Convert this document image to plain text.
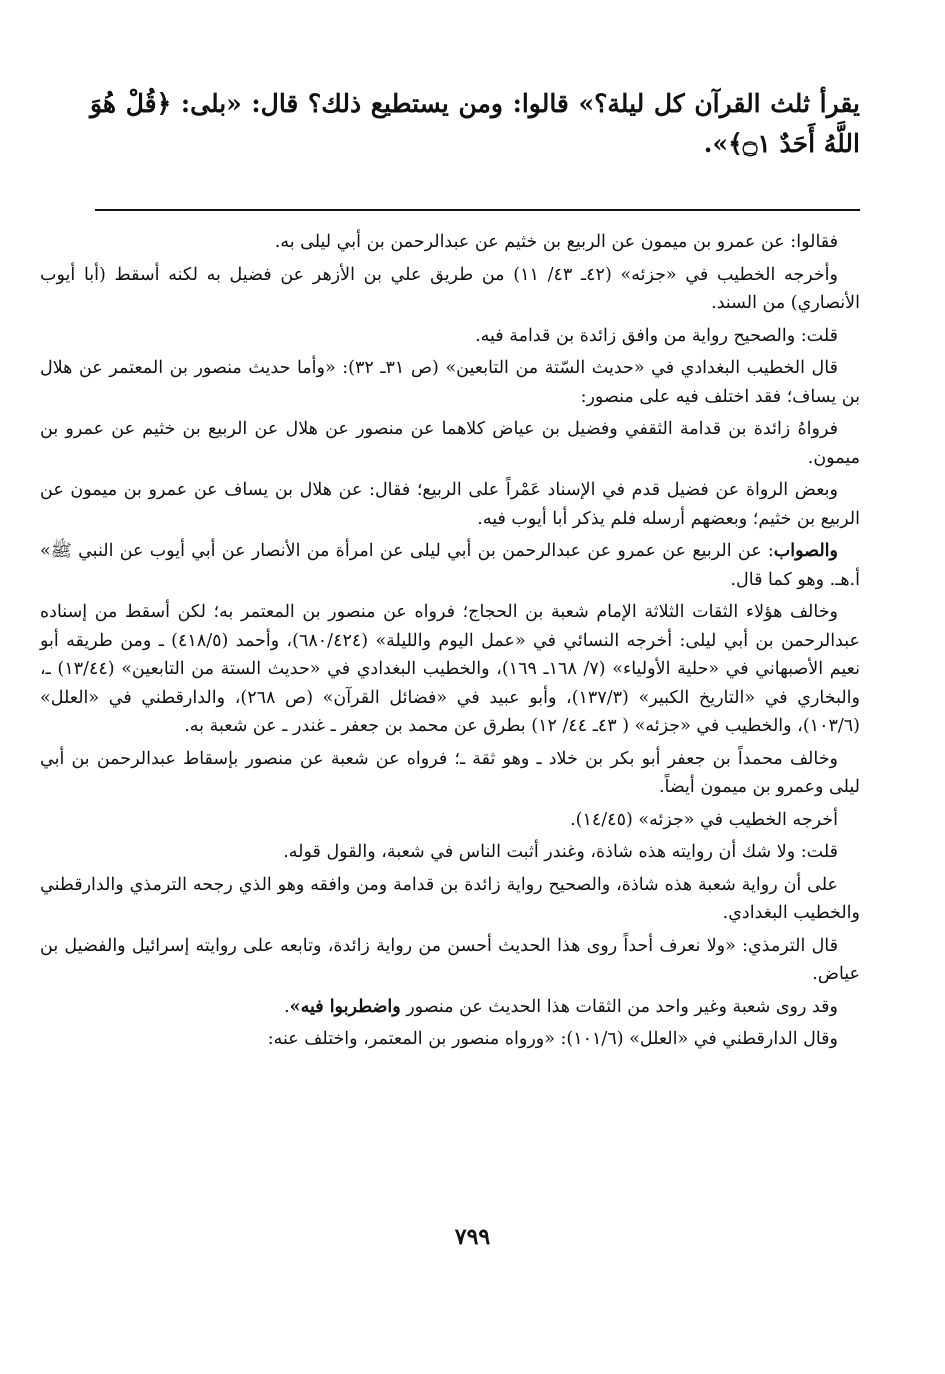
يقرأ ثلث القرآن كل ليلة؟» قالوا: ومن يستطيع ذلك؟ قال: «بلى: ﴿قُلْ هُوَ اللَّهُ أَحَدٌ ۝١﴾».

فقالوا: عن عمرو بن ميمون عن الربيع بن خثيم عن عبدالرحمن بن أبي ليلى به.

وأخرجه الخطيب في «جزئه» (٤٢ـ ٤٣/ ١١) من طريق علي بن الأزهر عن فضيل به لكنه أسقط (أبا أيوب الأنصاري) من السند.

قلت: والصحيح رواية من وافق زائدة بن قدامة فيه.

قال الخطيب البغدادي في «حديث السّتة من التابعين» (ص ٣١ـ ٣٢): «وأما حديث منصور بن المعتمر عن هلال بن يساف؛ فقد اختلف فيه على منصور:

فرواهُ زائدة بن قدامة الثقفي وفضيل بن عياض كلاهما عن منصور عن هلال عن الربيع بن خثيم عن عمرو بن ميمون.

وبعض الرواة عن فضيل قدم في الإسناد عَمْراً على الربيع؛ فقال: عن هلال بن يساف عن عمرو بن ميمون عن الربيع بن خثيم؛ وبعضهم أرسله فلم يذكر أبا أيوب فيه.

والصواب: عن الربيع عن عمرو عن عبدالرحمن بن أبي ليلى عن امرأة من الأنصار عن أبي أيوب عن النبي ﷺ» أ.هـ. وهو كما قال.

وخالف هؤلاء الثقات الثلاثة الإمام شعبة بن الحجاج؛ فرواه عن منصور بن المعتمر به؛ لكن أسقط من إسناده عبدالرحمن بن أبي ليلى: أخرجه النسائي في «عمل اليوم والليلة» (٦٨٠/٤٢٤)، وأحمد (٤١٨/٥) ـ ومن طريقه أبو نعيم الأصبهاني في «حلية الأولياء» (٧/ ١٦٨ـ ١٦٩)، والخطيب البغدادي في «حديث الستة من التابعين» (١٣/٤٤) ـ، والبخاري في «التاريخ الكبير» (١٣٧/٣)، وأبو عبيد في «فضائل القرآن» (ص ٢٦٨)، والدارقطني في «العلل» (١٠٣/٦)، والخطيب في «جزئه» ( ٤٣ـ ٤٤/ ١٢) بطرق عن محمد بن جعفر ـ غندر ـ عن شعبة به.

وخالف محمداً بن جعفر أبو بكر بن خلاد ـ وهو ثقة ـ؛ فرواه عن شعبة عن منصور بإسقاط عبدالرحمن بن أبي ليلى وعمرو بن ميمون أيضاً.

أخرجه الخطيب في «جزئه» (١٤/٤٥).

قلت: ولا شك أن روايته هذه شاذة، وغندر أثبت الناس في شعبة، والقول قوله.

على أن رواية شعبة هذه شاذة، والصحيح رواية زائدة بن قدامة ومن وافقه وهو الذي رجحه الترمذي والدارقطني والخطيب البغدادي.

قال الترمذي: «ولا نعرف أحداً روى هذا الحديث أحسن من رواية زائدة، وتابعه على روايته إسرائيل والفضيل بن عياض.

وقد روى شعبة وغير واحد من الثقات هذا الحديث عن منصور واضطربوا فيه».

وقال الدارقطني في «العلل» (١٠١/٦): «ورواه منصور بن المعتمر، واختلف عنه:

٧٩٩
